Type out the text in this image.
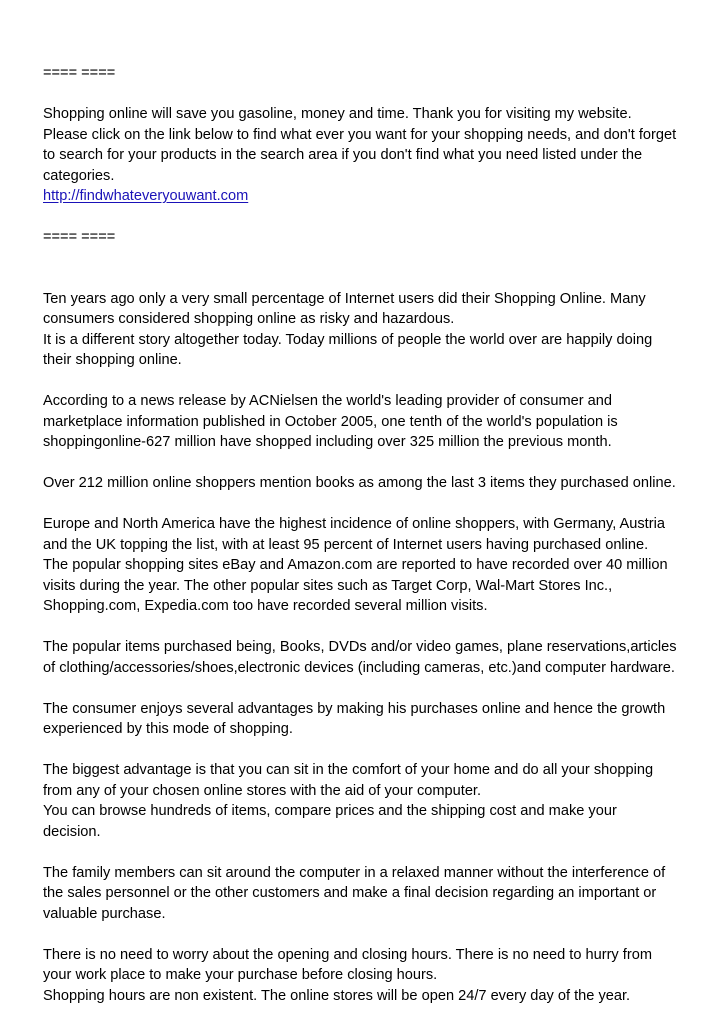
==== ====
Shopping online will save you gasoline, money and time. Thank you for visiting my website.
Please click on the link below to find what ever you want for your shopping needs, and don't forget
to search for your products in the search area if you don't find what you need listed under the
categories.
http://findwhateveryouwant.com
==== ====
Ten years ago only a very small percentage of Internet users did their Shopping Online. Many
consumers considered shopping online as risky and hazardous.
It is a different story altogether today. Today millions of people the world over are happily doing
their shopping online.
According to a news release by ACNielsen the world's leading provider of consumer and
marketplace information published in October 2005, one tenth of the world's population is
shoppingonline-627 million have shopped including over 325 million the previous month.
Over 212 million online shoppers mention books as among the last 3 items they purchased online.
Europe and North America have the highest incidence of online shoppers, with Germany, Austria
and the UK topping the list, with at least 95 percent of Internet users having purchased online.
The popular shopping sites eBay and Amazon.com are reported to have recorded over 40 million
visits during the year. The other popular sites such as Target Corp, Wal-Mart Stores Inc.,
Shopping.com, Expedia.com too have recorded several million visits.
The popular items purchased being, Books, DVDs and/or video games, plane reservations,articles
of clothing/accessories/shoes,electronic devices (including cameras, etc.)and computer hardware.
The consumer enjoys several advantages by making his purchases online and hence the growth
experienced by this mode of shopping.
The biggest advantage is that you can sit in the comfort of your home and do all your shopping
from any of your chosen online stores with the aid of your computer.
You can browse hundreds of items, compare prices and the shipping cost and make your
decision.
The family members can sit around the computer in a relaxed manner without the interference of
the sales personnel or the other customers and make a final decision regarding an important or
valuable purchase.
There is no need to worry about the opening and closing hours. There is no need to hurry from
your work place to make your purchase before closing hours.
Shopping hours are non existent. The online stores will be open 24/7 every day of the year.
